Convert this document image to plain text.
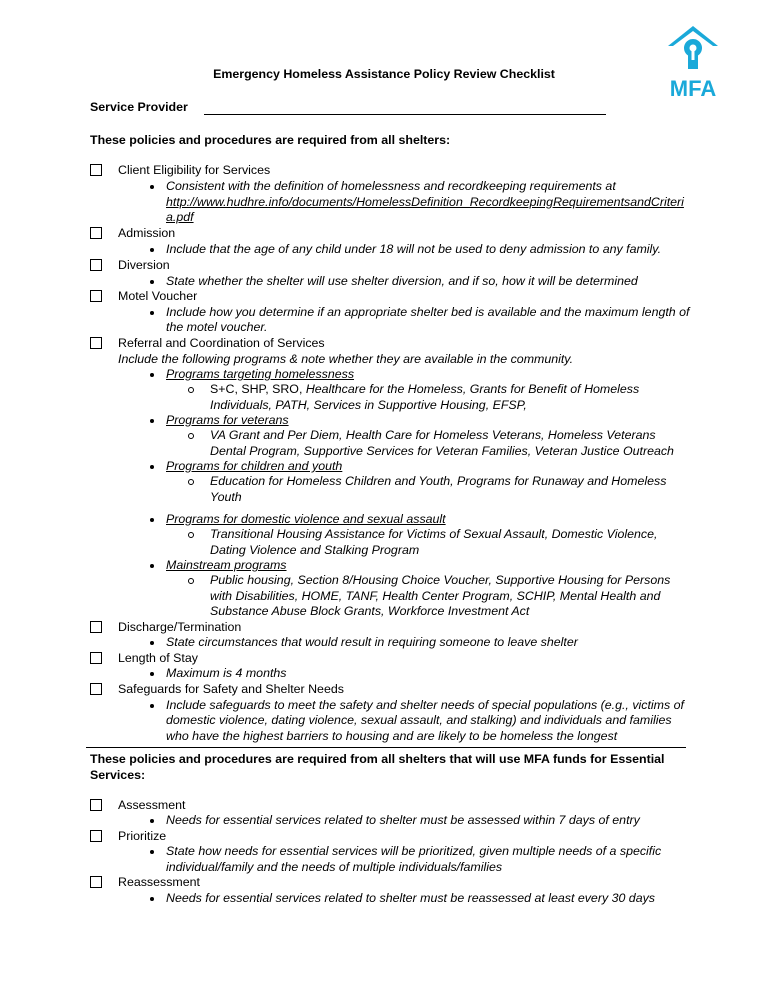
MFA
Emergency Homeless Assistance Policy Review Checklist
Service Provider
These policies and procedures are required from all shelters:
Client Eligibility for Services
Consistent with the definition of homelessness and recordkeeping requirements at
http://www.hudhre.info/documents/HomelessDefinition_RecordkeepingRequirementsandCriteri
a.pdf
Admission
Include that the age of any child under 18 will not be used to deny admission to any family.
Diversion
State whether the shelter will use shelter diversion, and if so, how it will be determined
Motel Voucher
Include how you determine if an appropriate shelter bed is available and the maximum length of
the motel voucher.
Referral and Coordination of Services
Include the following programs & note whether they are available in the community.
Programs targeting homelessness
S+C, SHP, SRO, Healthcare for the Homeless, Grants for Benefit of Homeless
Individuals, PATH, Services in Supportive Housing, EFSP,
Programs for veterans
VA Grant and Per Diem, Health Care for Homeless Veterans, Homeless Veterans
Dental Program, Supportive Services for Veteran Families, Veteran Justice Outreach
Programs for children and youth
Education for Homeless Children and Youth, Programs for Runaway and Homeless
Youth
Programs for domestic violence and sexual assault
Transitional Housing Assistance for Victims of Sexual Assault, Domestic Violence,
Dating Violence and Stalking Program
Mainstream programs
Public housing, Section 8/Housing Choice Voucher, Supportive Housing for Persons
with Disabilities, HOME, TANF, Health Center Program, SCHIP, Mental Health and
Substance Abuse Block Grants, Workforce Investment Act
Discharge/Termination
State circumstances that would result in requiring someone to leave shelter
Length of Stay
Maximum is 4 months
Safeguards for Safety and Shelter Needs
Include safeguards to meet the safety and shelter needs of special populations (e.g., victims of
domestic violence, dating violence, sexual assault, and stalking) and individuals and families
who have the highest barriers to housing and are likely to be homeless the longest
These policies and procedures are required from all shelters that will use MFA funds for Essential
Services:
Assessment
Needs for essential services related to shelter must be assessed within 7 days of entry
Prioritize
State how needs for essential services will be prioritized, given multiple needs of a specific
individual/family and the needs of multiple individuals/families
Reassessment
Needs for essential services related to shelter must be reassessed at least every 30 days
